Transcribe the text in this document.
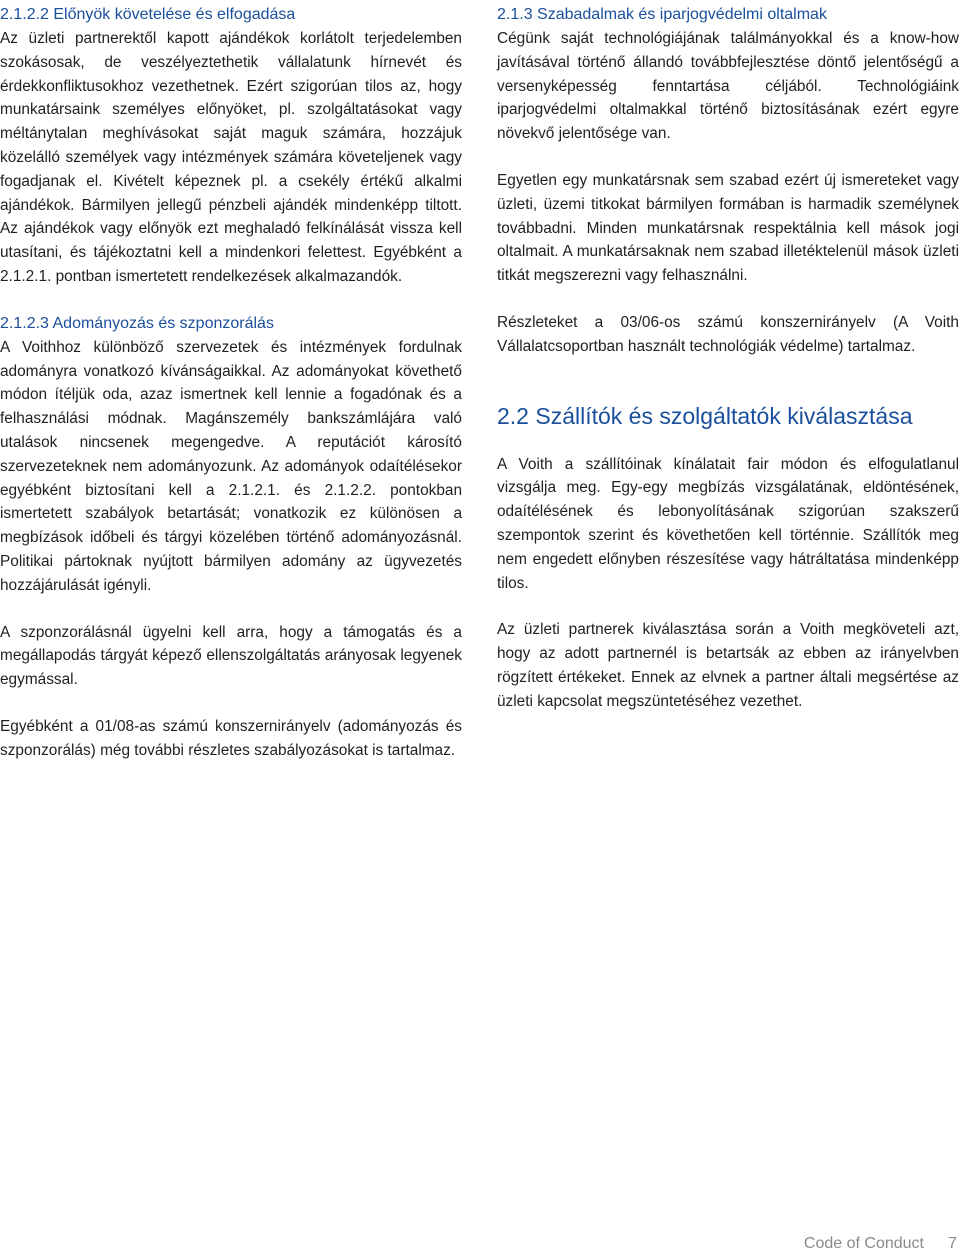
2.1.2.2 Előnyök követelése és elfogadása

Az üzleti partnerektől kapott ajándékok korlátolt terjedelemben szokásosak, de veszélyeztethetik vállalatunk hírnevét és érdekkonfliktusokhoz vezethetnek. Ezért szigorúan tilos az, hogy munkatársaink személyes előnyöket, pl. szolgáltatásokat vagy méltánytalan meghívásokat saját maguk számára, hozzájuk közelálló személyek vagy intézmények számára követeljenek vagy fogadjanak el. Kivételt képeznek pl. a csekély értékű alkalmi ajándékok. Bármilyen jellegű pénzbeli ajándék mindenképp tiltott. Az ajándékok vagy előnyök ezt meghaladó felkínálását vissza kell utasítani, és tájékoztatni kell a mindenkori felettest. Egyébként a 2.1.2.1. pontban ismertetett rendelkezések alkalmazandók.

2.1.2.3 Adományozás és szponzorálás

A Voithhoz különböző szervezetek és intézmények fordulnak adományra vonatkozó kívánságaikkal. Az adományokat követhető módon ítéljük oda, azaz ismertnek kell lennie a fogadónak és a felhasználási módnak. Magánszemély bankszámlájára való utalások nincsenek megengedve. A reputációt károsító szervezeteknek nem adományozunk. Az adományok odaítélésekor egyébként biztosítani kell a 2.1.2.1. és 2.1.2.2. pontokban ismertetett szabályok betartását; vonatkozik ez különösen a megbízások időbeli és tárgyi közelében történő adományozásnál. Politikai pártoknak nyújtott bármilyen adomány az ügyvezetés hozzájárulását igényli.

A szponzorálásnál ügyelni kell arra, hogy a támogatás és a megállapodás tárgyát képező ellenszolgáltatás arányosak legyenek egymással.

Egyébként a 01/08-as számú konszernirányelv (adományozás és szponzorálás) még további részletes szabályozásokat is tartalmaz.

2.1.3 Szabadalmak és iparjogvédelmi oltalmak

Cégünk saját technológiájának találmányokkal és a know-how javításával történő állandó továbbfejlesztése döntő jelentőségű a versenyképesség fenntartása céljából. Technológiáink iparjogvédelmi oltalmakkal történő biztosításának ezért egyre növekvő jelentősége van.

Egyetlen egy munkatársnak sem szabad ezért új ismereteket vagy üzleti, üzemi titkokat bármilyen formában is harmadik személynek továbbadni. Minden munkatársnak respektálnia kell mások jogi oltalmait. A munkatársaknak nem szabad illetéktelenül mások üzleti titkát megszerezni vagy felhasználni.

Részleteket a 03/06-os számú konszernirányelv (A Voith Vállalatcsoportban használt technológiák védelme) tartalmaz.

2.2 Szállítók és szolgáltatók kiválasztása

A Voith a szállítóinak kínálatait fair módon és elfogulatlanul vizsgálja meg. Egy-egy megbízás vizsgálatának, eldöntésének, odaítélésének és lebonyolításának szigorúan szakszerű szempontok szerint és követhetően kell történnie. Szállítók meg nem engedett előnyben részesítése vagy hátráltatása mindenképp tilos.

Az üzleti partnerek kiválasztása során a Voith megköveteli azt, hogy az adott partnernél is betartsák az ebben az irányelvben rögzített értékeket. Ennek az elvnek a partner általi megsértése az üzleti kapcsolat megszüntetéséhez vezethet.

Code of Conduct 7
